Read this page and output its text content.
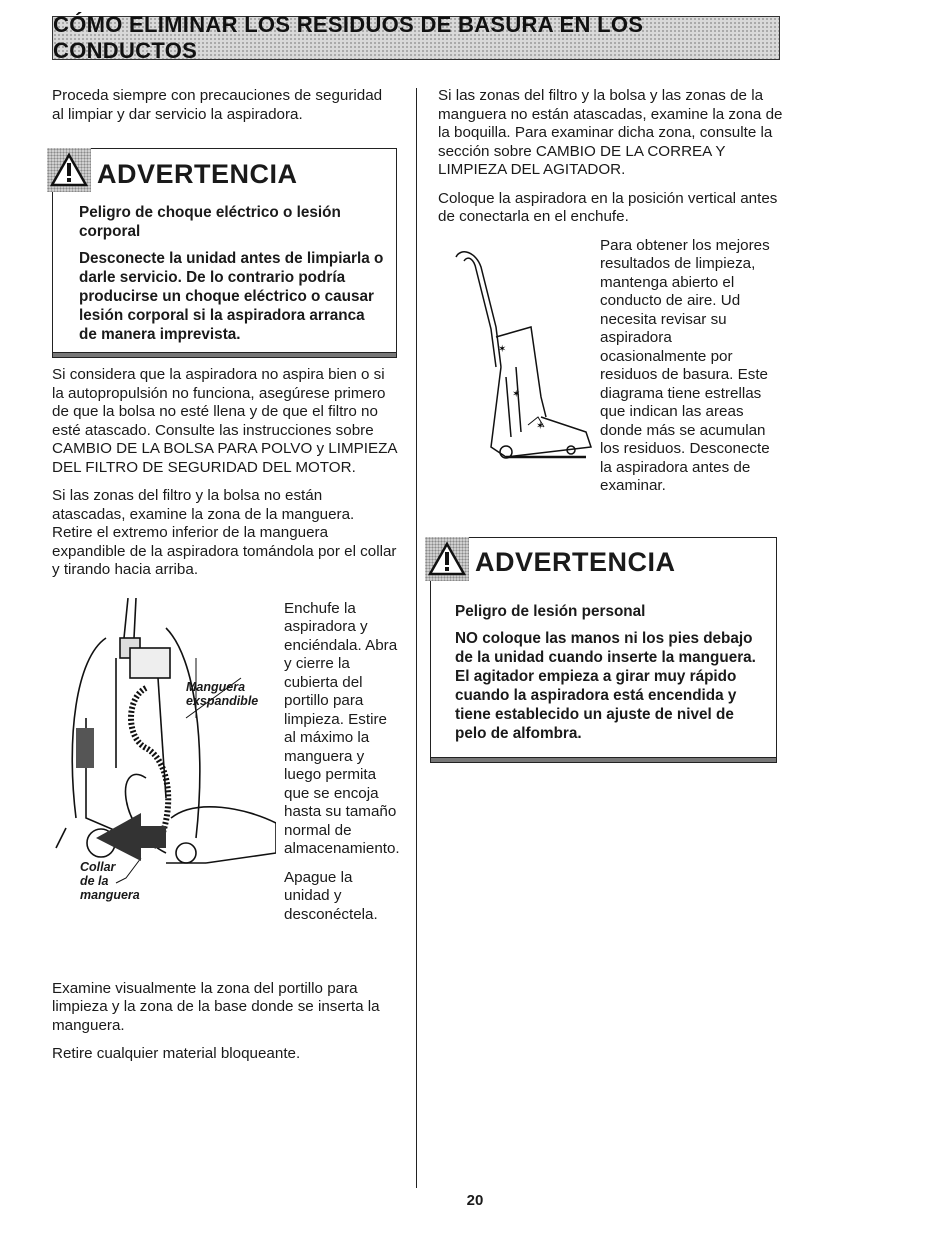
CÓMO ELIMINAR LOS RESIDUOS DE BASURA EN LOS CONDUCTOS

Proceda siempre con precauciones de seguridad al limpiar y dar servicio la aspiradora.

ADVERTENCIA

Peligro de choque eléctrico o lesión corporal

Desconecte la unidad antes de limpiarla o darle servicio. De lo contrario podría producirse un choque eléctrico o causar lesión corporal si la aspiradora arranca de manera imprevista.

Si considera que la aspiradora no aspira bien o si la autopropulsión no funciona, asegúrese primero de que la bolsa no esté llena y de que el filtro no esté atascado. Consulte las instrucciones sobre CAMBIO DE LA BOLSA PARA POLVO y LIMPIEZA DEL FILTRO DE SEGURIDAD DEL MOTOR.

Si las zonas del filtro y la bolsa no están atascadas, examine la zona de la manguera. Retire el extremo inferior de la manguera expandible de la aspiradora tomándola por el collar y tirando hacia arriba.

Manguera
exspandible
Collar
de la
manguera

Enchufe la aspiradora y enciéndala. Abra y cierre la cubierta del portillo para limpieza. Estire al máximo la manguera y luego permita que se encoja hasta su tamaño normal de almacenamiento.

Apague la unidad y desconéctela.

Examine visualmente la zona del portillo para limpieza y la zona de la base donde se inserta la manguera.

Retire cualquier material bloqueante.

Si las zonas del filtro y la bolsa y las zonas de la manguera no están atascadas, examine la zona de la boquilla. Para examinar dicha zona, consulte la sección sobre CAMBIO DE LA CORREA Y LIMPIEZA DEL AGITADOR.

Coloque la aspiradora en la posición vertical antes de conectarla en el enchufe.

✶
✶
✶
Para obtener los mejores resultados de limpieza, mantenga abierto el conducto de aire. Ud necesita revisar su aspiradora ocasionalmente por residuos de basura. Este diagrama tiene estrellas que indican las areas donde más se acumulan los residuos. Desconecte la aspiradora antes de examinar.
ADVERTENCIA

Peligro de lesión personal

NO coloque las manos ni los pies debajo de la unidad cuando inserte la manguera. El agitador empieza a girar muy rápido cuando la aspiradora está encendida y tiene establecido un ajuste de nivel de pelo de alfombra.

20
